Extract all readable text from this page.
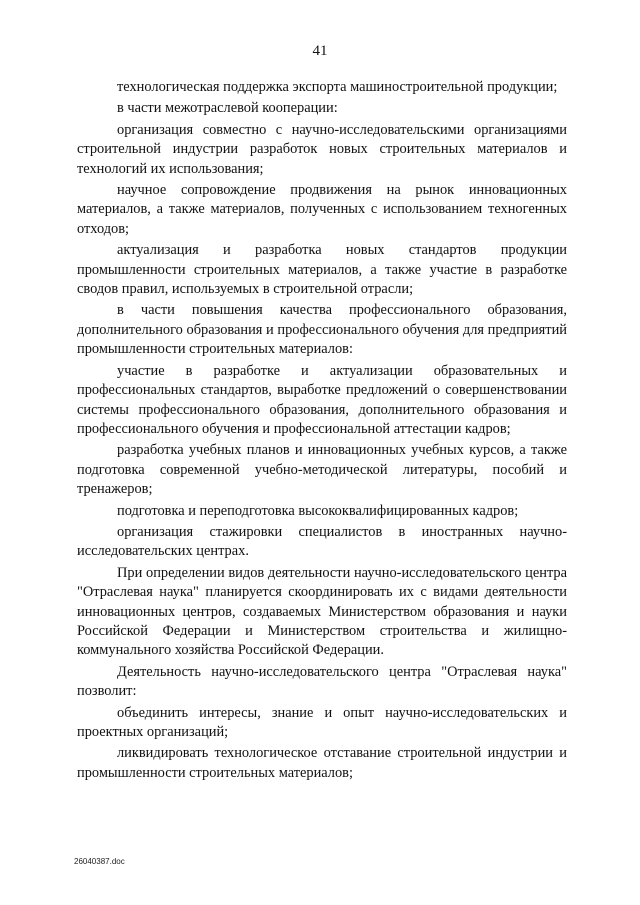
41

технологическая поддержка экспорта машиностроительной продукции;

в части межотраслевой кооперации:

организация совместно с научно-исследовательскими организациями строительной индустрии разработок новых строительных материалов и технологий их использования;

научное сопровождение продвижения на рынок инновационных материалов, а также материалов, полученных с использованием техногенных отходов;

актуализация и разработка новых стандартов продукции промышленности строительных материалов, а также участие в разработке сводов правил, используемых в строительной отрасли;

в части повышения качества профессионального образования, дополнительного образования и профессионального обучения для предприятий промышленности строительных материалов:

участие в разработке и актуализации образовательных и профессиональных стандартов, выработке предложений о совершенствовании системы профессионального образования, дополнительного образования и профессионального обучения и профессиональной аттестации кадров;

разработка учебных планов и инновационных учебных курсов, а также подготовка современной учебно-методической литературы, пособий и тренажеров;

подготовка и переподготовка высококвалифицированных кадров;

организация стажировки специалистов в иностранных научно-исследовательских центрах.

При определении видов деятельности научно-исследовательского центра "Отраслевая наука" планируется скоординировать их с видами деятельности инновационных центров, создаваемых Министерством образования и науки Российской Федерации и Министерством строительства и жилищно-коммунального хозяйства Российской Федерации.

Деятельность научно-исследовательского центра "Отраслевая наука" позволит:

объединить интересы, знание и опыт научно-исследовательских и проектных организаций;

ликвидировать технологическое отставание строительной индустрии и промышленности строительных материалов;

26040387.doc
